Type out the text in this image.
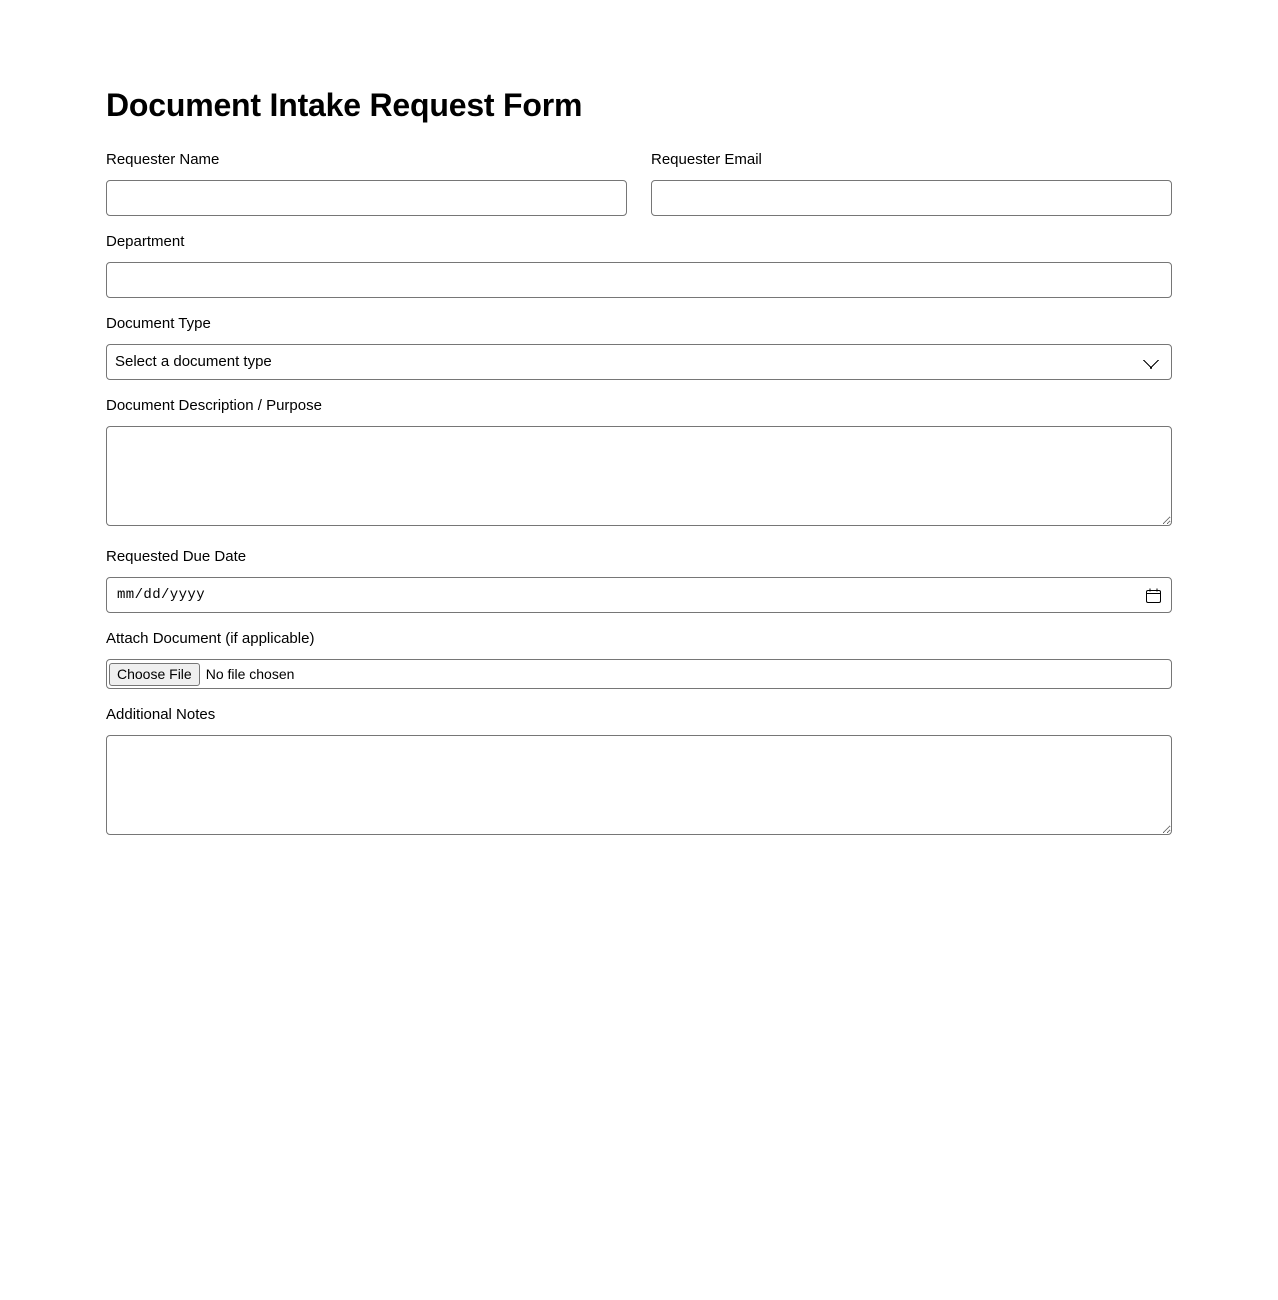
Document Intake Request Form
Requester Name	Requester Email
Department
Document Type
Select a document type
Document Description / Purpose
Requested Due Date
mm/dd/yyyy
Attach Document (if applicable)
Choose File	No file chosen
Additional Notes
